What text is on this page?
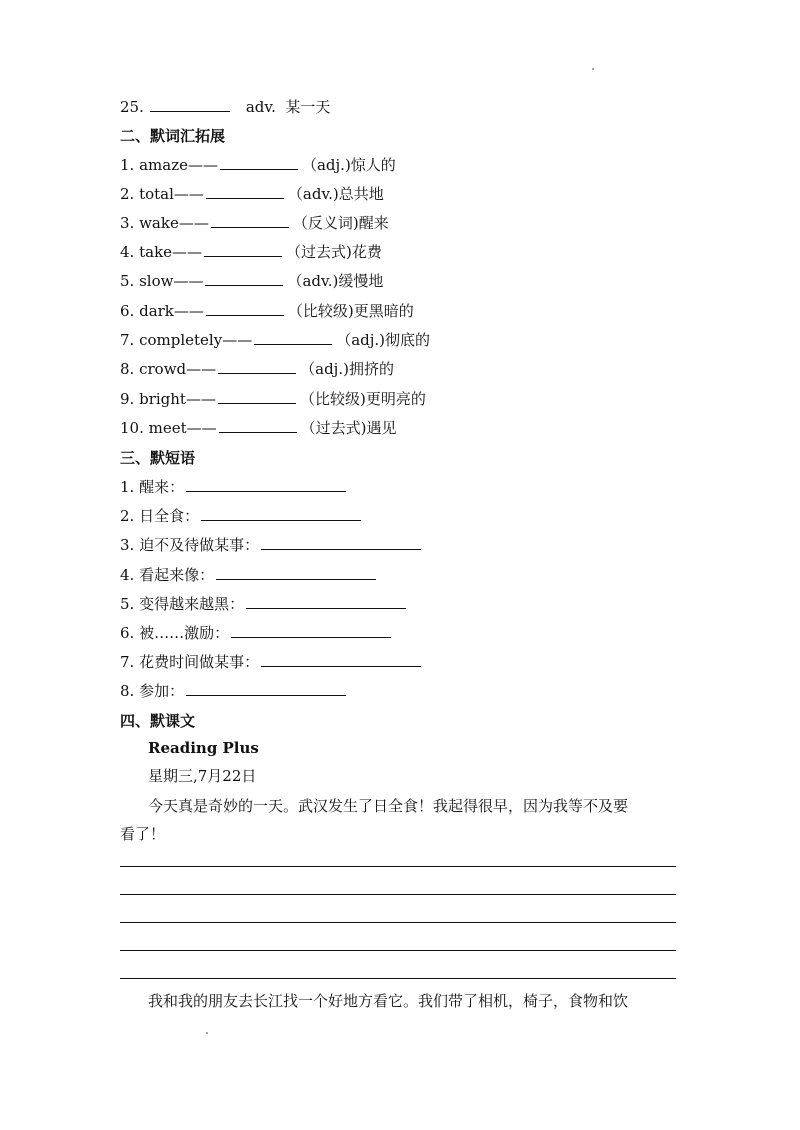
25.	adv. 某一天
二、默词汇拓展
1. amaze——	（adj.)惊人的
2. total——	（adv.)总共地
3. wake——	（反义词)醒来
4. take——	（过去式)花费
5. slow——	（adv.)缓慢地
6. dark——	（比较级)更黑暗的
7. completely——	（adj.)彻底的
8. crowd——	（adj.)拥挤的
9. bright——	（比较级)更明亮的
10. meet——	（过去式)遇见
三、默短语
1. 醒来：
2. 日全食：
3. 迫不及待做某事：
4. 看起来像：
5. 变得越来越黑：
6. 被……激励：
7. 花费时间做某事：
8. 参加：
四、默课文
Reading Plus
星期三,7月22日
今天真是奇妙的一天。武汉发生了日全食！我起得很早，因为我等不及要
看了！
我和我的朋友去长江找一个好地方看它。我们带了相机，椅子，食物和饮
